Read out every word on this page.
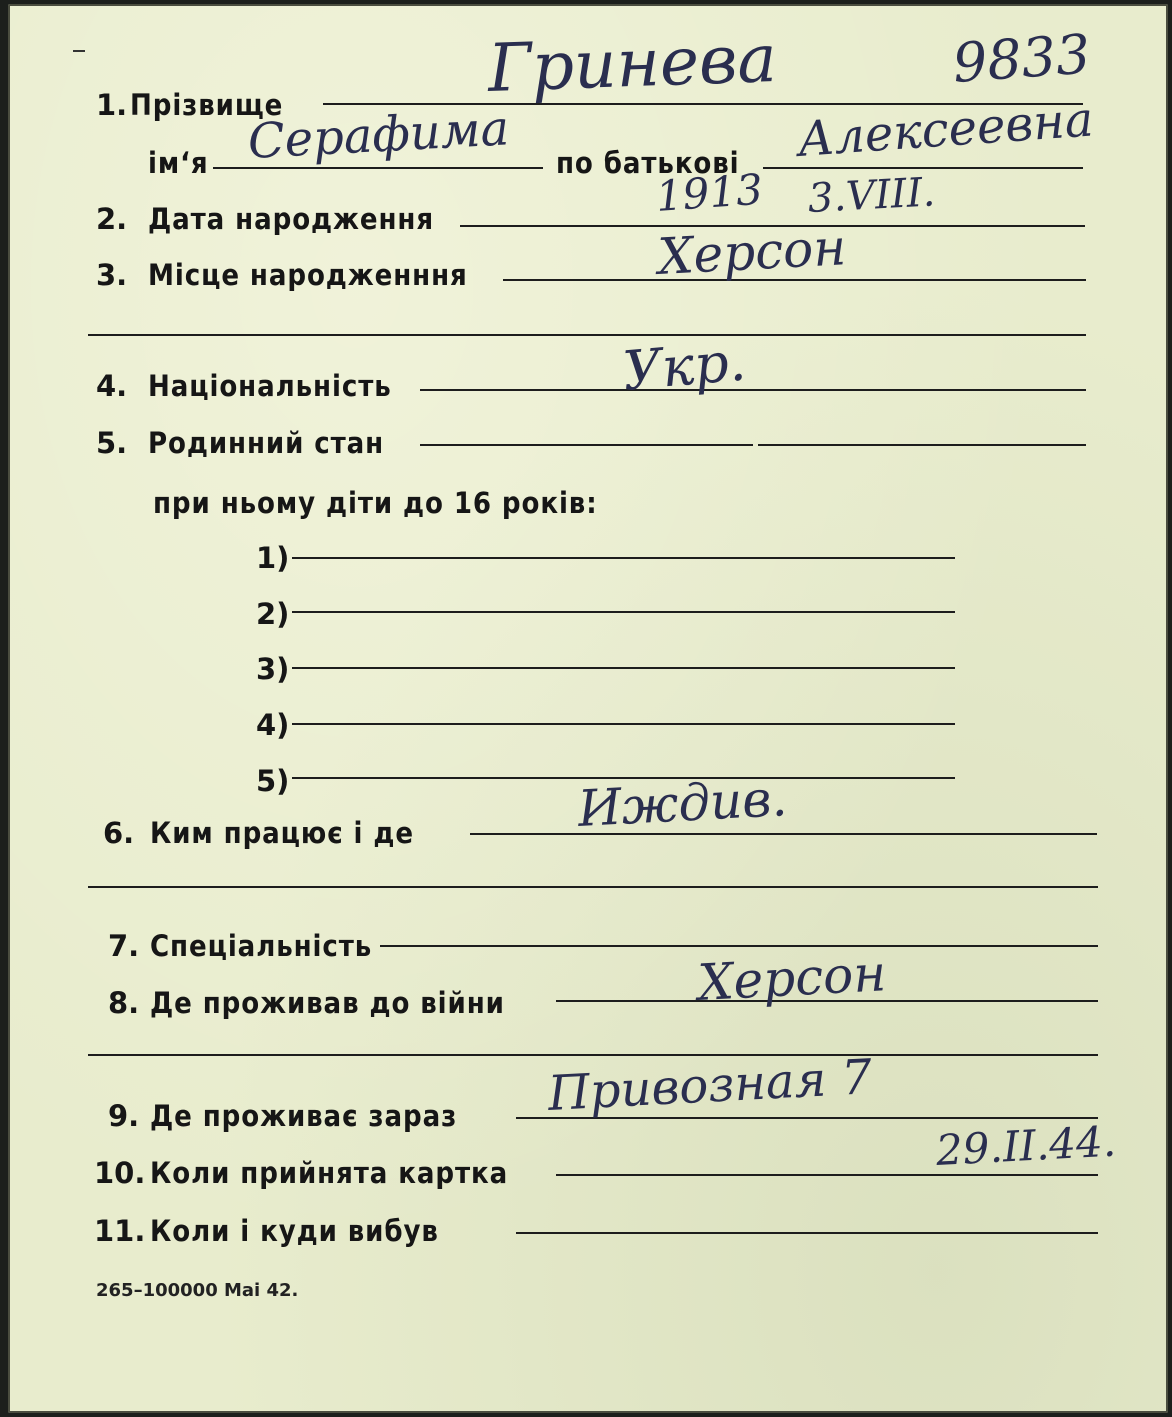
9833
1. Прізвище	Гринева
ім‘я Серафима по батькові Алексеевна
2. Дата народження	1913 3.VIII.
3. Місце народженння	Херсон
4. Національність	Укр.
5. Родинний стан
при ньому діти до 16 років:
1)
2)
3)
4)
5)
6. Ким працює і де	Иждив.
7. Спеціальність
8. Де проживав до війни	Херсон
9. Де проживає зараз Привозная 7
10. Коли прийнята картка	29.II.44.
11. Коли і куди вибув
265–100000 Mai 42.
